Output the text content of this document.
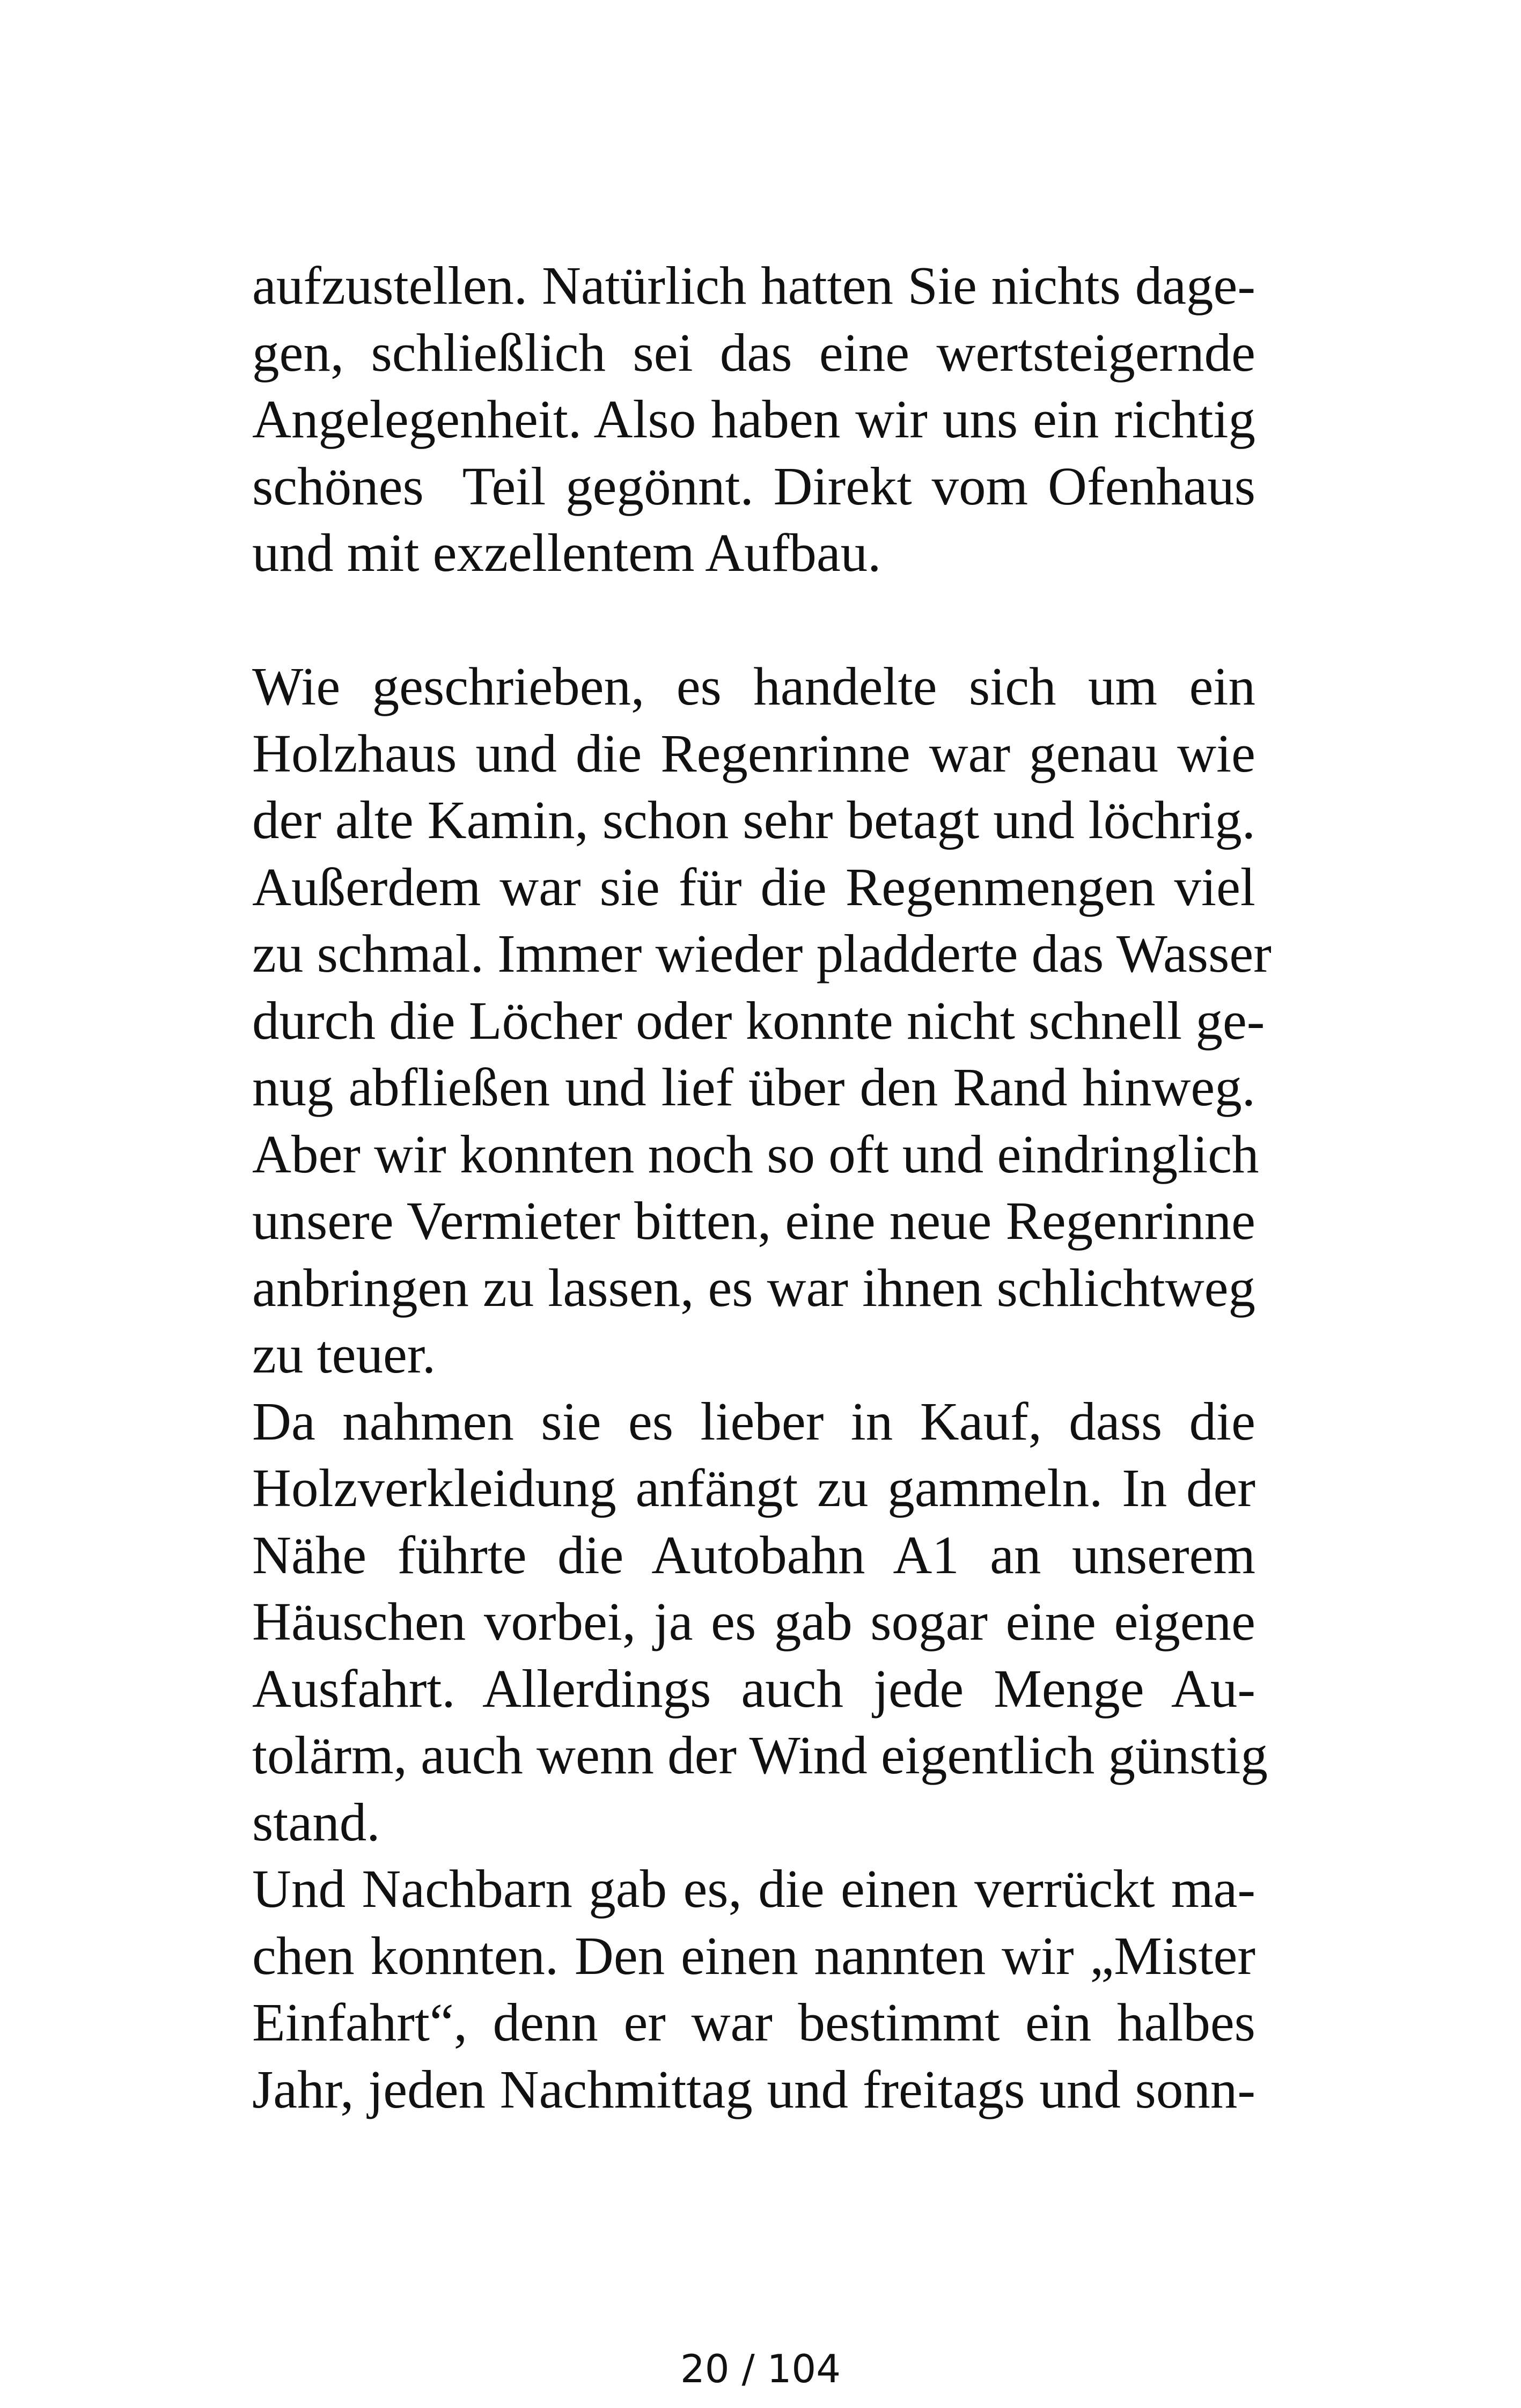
aufzustellen. Natürlich hatten Sie nichts dage-
gen, schließlich sei das eine wertsteigernde
Angelegenheit. Also haben wir uns ein richtig
schönes  Teil gegönnt. Direkt vom Ofenhaus
und mit exzellentem Aufbau.
Wie geschrieben, es handelte sich um ein
Holzhaus und die Regenrinne war genau wie
der alte Kamin, schon sehr betagt und löchrig.
Außerdem war sie für die Regenmengen viel
zu schmal. Immer wieder pladderte das Wasser
durch die Löcher oder konnte nicht schnell ge-
nug abfließen und lief über den Rand hinweg.
Aber wir konnten noch so oft und eindringlich
unsere Vermieter bitten, eine neue Regenrinne
anbringen zu lassen, es war ihnen schlichtweg
zu teuer.
Da nahmen sie es lieber in Kauf, dass die
Holzverkleidung anfängt zu gammeln. In der
Nähe führte die Autobahn A1 an unserem
Häuschen vorbei, ja es gab sogar eine eigene
Ausfahrt. Allerdings auch jede Menge Au-
tolärm, auch wenn der Wind eigentlich günstig
stand.
Und Nachbarn gab es, die einen verrückt ma-
chen konnten. Den einen nannten wir „Mister
Einfahrt“, denn er war bestimmt ein halbes
Jahr, jeden Nachmittag und freitags und sonn-
20 / 104
